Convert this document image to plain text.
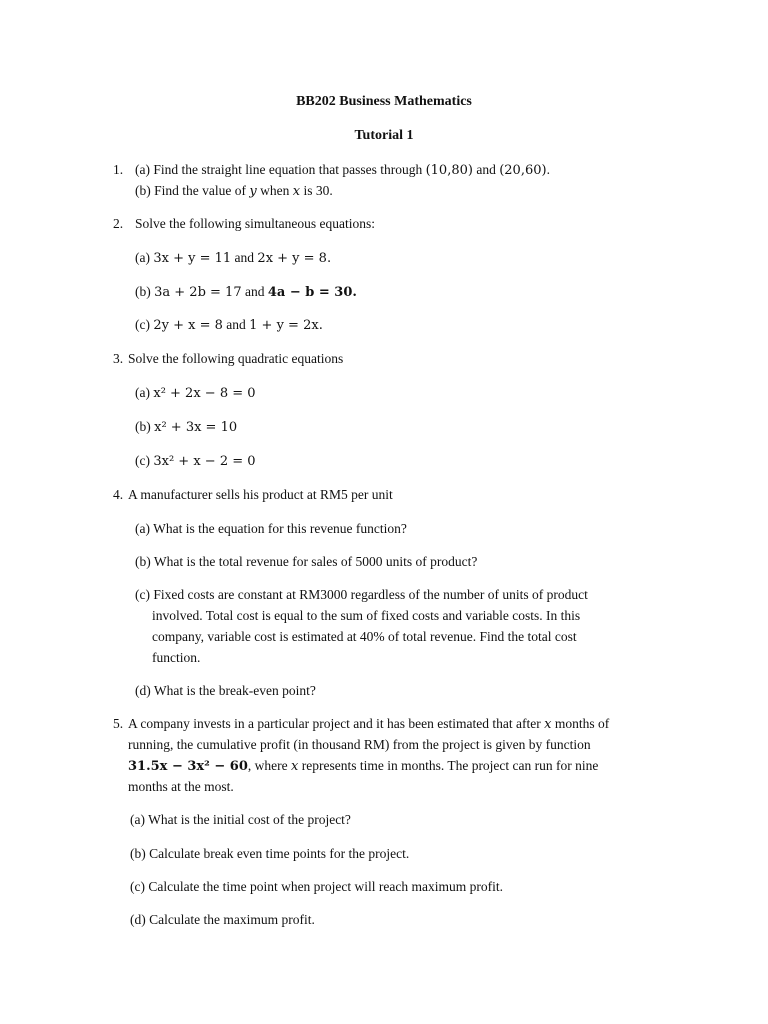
BB202 Business Mathematics
Tutorial 1
1. (a) Find the straight line equation that passes through (10,80) and (20,60).
(b) Find the value of y when x is 30.
2. Solve the following simultaneous equations:
(a) 3x + y = 11 and 2x + y = 8.
(b) 3a + 2b = 17 and 4a − b = 30.
(c) 2y + x = 8 and 1 + y = 2x.
3. Solve the following quadratic equations
(a) x² + 2x − 8 = 0
(b) x² + 3x = 10
(c) 3x² + x − 2 = 0
4. A manufacturer sells his product at RM5 per unit
(a) What is the equation for this revenue function?
(b) What is the total revenue for sales of 5000 units of product?
(c) Fixed costs are constant at RM3000 regardless of the number of units of product
involved. Total cost is equal to the sum of fixed costs and variable costs. In this
company, variable cost is estimated at 40% of total revenue. Find the total cost
function.
(d) What is the break-even point?
5. A company invests in a particular project and it has been estimated that after x months of
running, the cumulative profit (in thousand RM) from the project is given by function
31.5x − 3x² − 60, where x represents time in months. The project can run for nine
months at the most.
(a) What is the initial cost of the project?
(b) Calculate break even time points for the project.
(c) Calculate the time point when project will reach maximum profit.
(d) Calculate the maximum profit.
